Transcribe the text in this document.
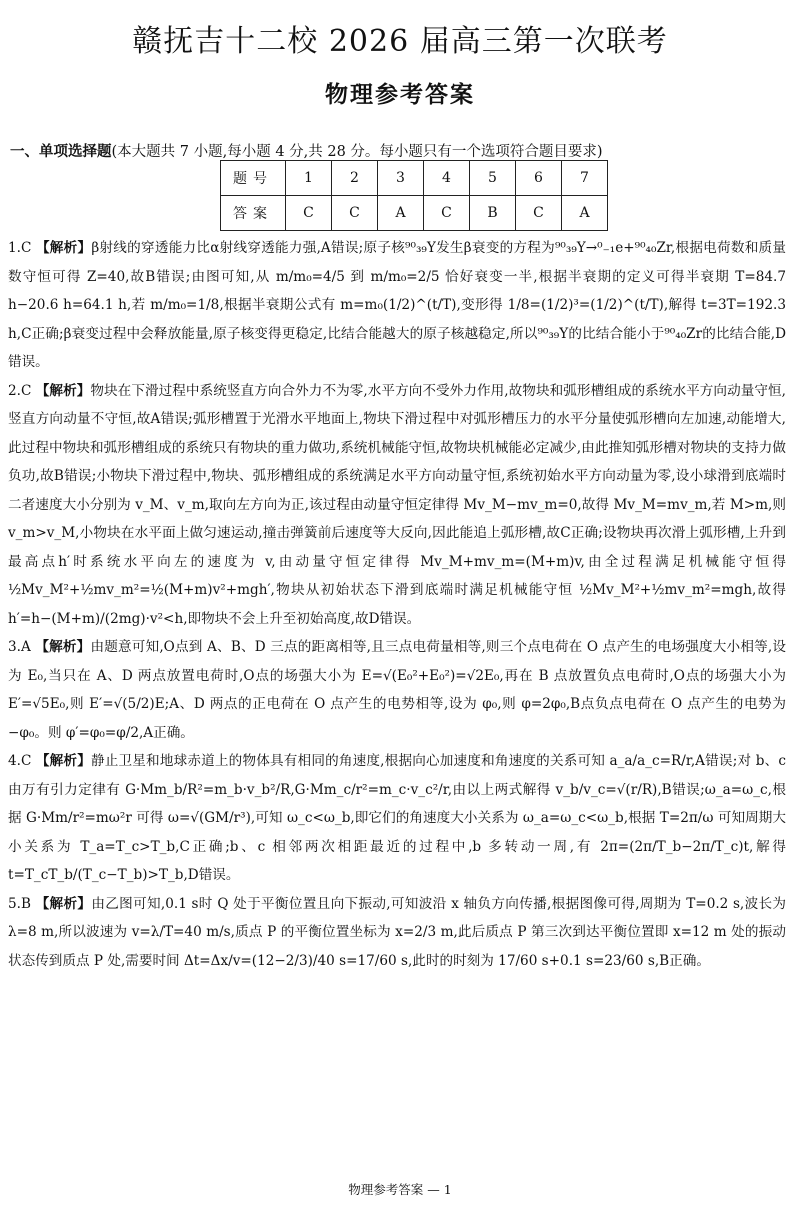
赣抚吉十二校 2026 届高三第一次联考
物理参考答案
一、单项选择题(本大题共 7 小题,每小题 4 分,共 28 分。每小题只有一个选项符合题目要求)
题号	1	2	3	4	5	6	7
答案	C	C	A	C	B	C	A

1.C 【解析】β射线的穿透能力比α射线穿透能力强,A错误;原子核⁹⁰₃₉Y发生β衰变的方程为⁹⁰₃₉Y→⁰₋₁e+⁹⁰₄₀Zr,根据电荷数和质量数守恒可得 Z=40,故B错误;由图可知,从 m/m₀=4/5 到 m/m₀=2/5 恰好衰变一半,根据半衰期的定义可得半衰期 T=84.7 h−20.6 h=64.1 h,若 m/m₀=1/8,根据半衰期公式有 m=m₀(1/2)^(t/T),变形得 1/8=(1/2)³=(1/2)^(t/T),解得 t=3T=192.3 h,C正确;β衰变过程中会释放能量,原子核变得更稳定,比结合能越大的原子核越稳定,所以⁹⁰₃₉Y的比结合能小于⁹⁰₄₀Zr的比结合能,D错误。

2.C 【解析】物块在下滑过程中系统竖直方向合外力不为零,水平方向不受外力作用,故物块和弧形槽组成的系统水平方向动量守恒,竖直方向动量不守恒,故A错误;弧形槽置于光滑水平地面上,物块下滑过程中对弧形槽压力的水平分量使弧形槽向左加速,动能增大,此过程中物块和弧形槽组成的系统只有物块的重力做功,系统机械能守恒,故物块机械能必定减少,由此推知弧形槽对物块的支持力做负功,故B错误;小物块下滑过程中,物块、弧形槽组成的系统满足水平方向动量守恒,系统初始水平方向动量为零,设小球滑到底端时二者速度大小分别为 v_M、v_m,取向左方向为正,该过程由动量守恒定律得 Mv_M−mv_m=0,故得 Mv_M=mv_m,若 M>m,则 v_m>v_M,小物块在水平面上做匀速运动,撞击弹簧前后速度等大反向,因此能追上弧形槽,故C正确;设物块再次滑上弧形槽,上升到最高点h′时系统水平向左的速度为 v,由动量守恒定律得 Mv_M+mv_m=(M+m)v,由全过程满足机械能守恒得 ½Mv_M²+½mv_m²=½(M+m)v²+mgh′,物块从初始状态下滑到底端时满足机械能守恒 ½Mv_M²+½mv_m²=mgh,故得 h′=h−(M+m)/(2mg)·v²<h,即物块不会上升至初始高度,故D错误。

3.A 【解析】由题意可知,O点到 A、B、D 三点的距离相等,且三点电荷量相等,则三个点电荷在 O 点产生的电场强度大小相等,设为 E₀,当只在 A、D 两点放置电荷时,O点的场强大小为 E=√(E₀²+E₀²)=√2E₀,再在 B 点放置负点电荷时,O点的场强大小为 E′=√5E₀,则 E′=√(5/2)E;A、D 两点的正电荷在 O 点产生的电势相等,设为 φ₀,则 φ=2φ₀,B点负点电荷在 O 点产生的电势为 −φ₀。则 φ′=φ₀=φ/2,A正确。

4.C 【解析】静止卫星和地球赤道上的物体具有相同的角速度,根据向心加速度和角速度的关系可知 a_a/a_c=R/r,A错误;对 b、c 由万有引力定律有 G·Mm_b/R²=m_b·v_b²/R,G·Mm_c/r²=m_c·v_c²/r,由以上两式解得 v_b/v_c=√(r/R),B错误;ω_a=ω_c,根据 G·Mm/r²=mω²r 可得 ω=√(GM/r³),可知 ω_c<ω_b,即它们的角速度大小关系为 ω_a=ω_c<ω_b,根据 T=2π/ω 可知周期大小关系为 T_a=T_c>T_b,C正确;b、c 相邻两次相距最近的过程中,b 多转动一周,有 2π=(2π/T_b−2π/T_c)t,解得 t=T_cT_b/(T_c−T_b)>T_b,D错误。

5.B 【解析】由乙图可知,0.1 s时 Q 处于平衡位置且向下振动,可知波沿 x 轴负方向传播,根据图像可得,周期为 T=0.2 s,波长为 λ=8 m,所以波速为 v=λ/T=40 m/s,质点 P 的平衡位置坐标为 x=2/3 m,此后质点 P 第三次到达平衡位置即 x=12 m 处的振动状态传到质点 P 处,需要时间 Δt=Δx/v=(12−2/3)/40 s=17/60 s,此时的时刻为 17/60 s+0.1 s=23/60 s,B正确。

物理参考答案 — 1
